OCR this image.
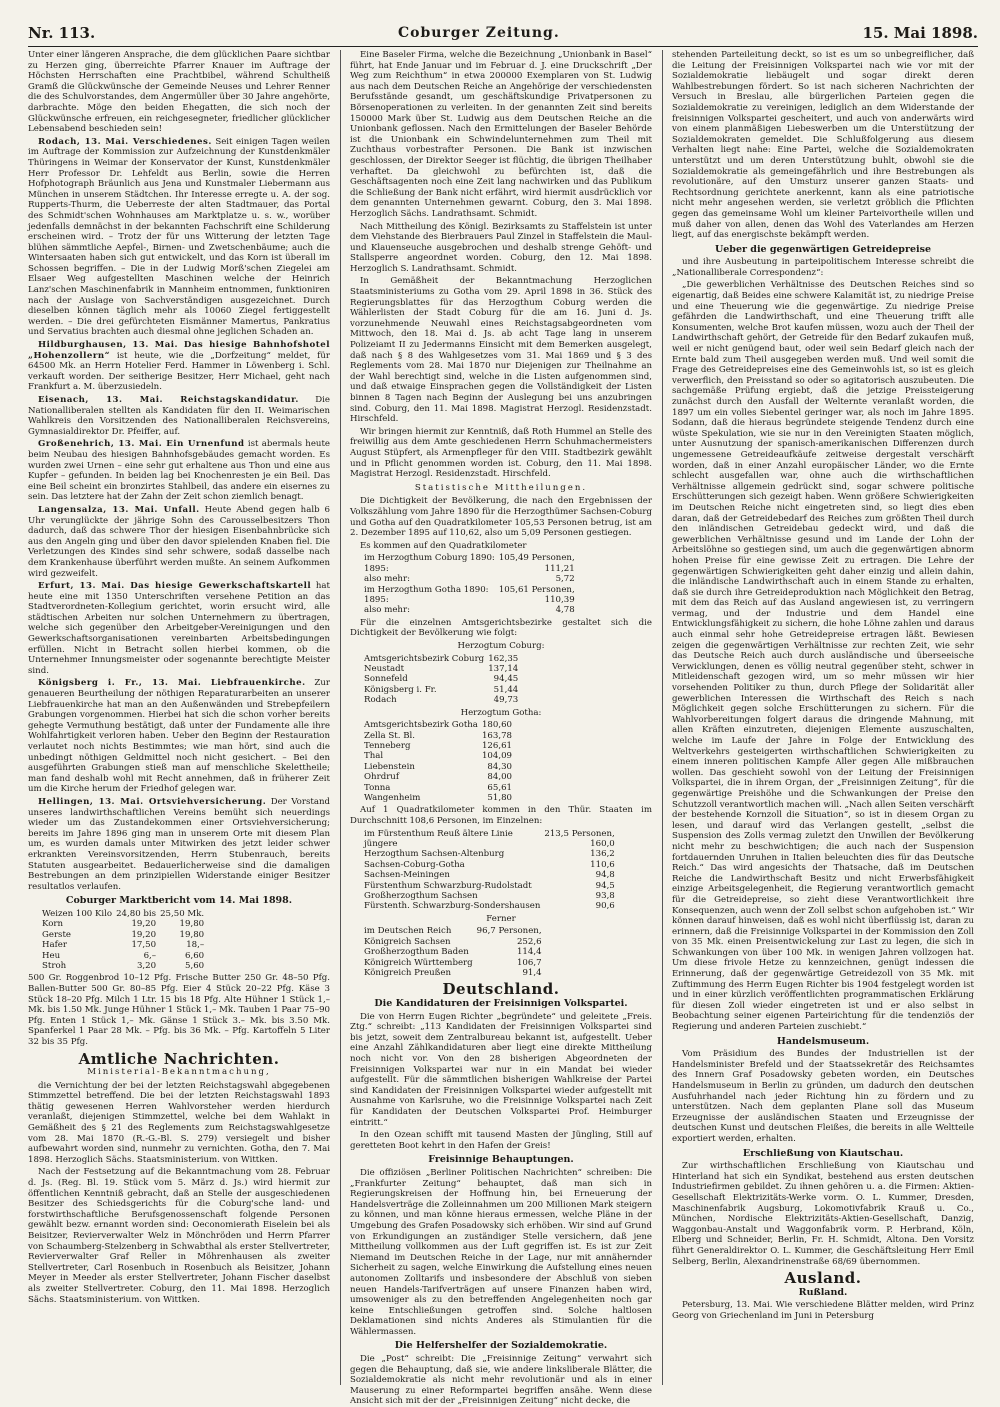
Nr. 113.	Coburger Zeitung.	15. Mai 1898.

Unter einer längeren Ansprache, die dem glücklichen Paare sichtbar zu Herzen ging, überreichte Pfarrer Knauer im Auftrage der Höchsten Herrschaften eine Prachtbibel, während Schultheiß Gramß die Glückwünsche der Gemeinde Neuses und Lehrer Renner die des Schulvorstandes, dem Angermüller über 30 Jahre angehörte, darbrachte. Möge den beiden Ehegatten, die sich noch der Glückwünsche erfreuen, ein reichgesegneter, friedlicher glücklicher Lebensabend beschieden sein!

Rodach, 13. Mai. Verschiedenes. Seit einigen Tagen weilen im Auftrage der Kommission zur Aufzeichnung der Kunstdenkmäler Thüringens in Weimar der Konservator der Kunst, Kunstdenkmäler Herr Professor Dr. Lehfeldt aus Berlin, sowie die Herren Hofphotograph Bräunlich aus Jena und Kunstmaler Liebermann aus München in unserem Städtchen. Ihr Interesse erregte u. A. der sog. Rupperts-Thurm, die Ueberreste der alten Stadtmauer, das Portal des Schmidt'schen Wohnhauses am Marktplatze u. s. w., worüber jedenfalls demnächst in der bekannten Fachschrift eine Schilderung erscheinen wird. – Trotz der für uns Witterung der letzten Tage blühen sämmtliche Aepfel-, Birnen- und Zwetschenbäume; auch die Wintersaaten haben sich gut entwickelt, und das Korn ist überall im Schossen begriffen. – Die in der Ludwig Morß'schen Ziegelei am Elsaer Weg aufgestellten Maschinen welche der Heinrich Lanz'schen Maschinenfabrik in Mannheim entnommen, funktioniren nach der Auslage von Sachverständigen ausgezeichnet. Durch dieselben können täglich mehr als 10060 Ziegel fertiggestellt werden. – Die drei gefürchteten Eismänner Mamertus, Pankratius und Servatius brachten auch diesmal ohne jeglichen Schaden an.

Hildburghausen, 13. Mai. Das hiesige Bahnhofshotel „Hohenzollern“ ist heute, wie die „Dorfzeitung“ meldet, für 64500 Mk. an Herrn Hotelier Ferd. Hammer in Löwenberg i. Schl. verkauft worden. Der seitherige Besitzer, Herr Michael, geht nach Frankfurt a. M. überzusiedeln.

Eisenach, 13. Mai. Reichstagskandidatur. Die Nationalliberalen stellten als Kandidaten für den II. Weimarischen Wahlkreis den Vorsitzenden des Nationalliberalen Reichsvereins, Gymnasialdirektor Dr. Pfeiffer, auf.

Großenehrich, 13. Mai. Ein Urnenfund ist abermals heute beim Neubau des hiesigen Bahnhofsgebäudes gemacht worden. Es wurden zwei Urnen – eine sehr gut erhaltene aus Thon und eine aus Kupfer – gefunden. In beiden lag bei Knochenresten je ein Beil. Das eine Beil scheint ein bronzirtes Stahlbeil, das andere ein eisernes zu sein. Das letztere hat der Zahn der Zeit schon ziemlich benagt.

Langensalza, 13. Mai. Unfall. Heute Abend gegen halb 6 Uhr verunglückte der jährige Sohn des Carousselbesitzers Thon dadurch, daß das schwere Thor der hiesigen Eisenbahnbrücke sich aus den Angeln ging und über den davor spielenden Knaben fiel. Die Verletzungen des Kindes sind sehr schwere, sodaß dasselbe nach dem Krankenhause überführt werden mußte. An seinem Aufkommen wird gezweifelt.

Erfurt, 13. Mai. Das hiesige Gewerkschaftskartell hat heute eine mit 1350 Unterschriften versehene Petition an das Stadtverordneten-Kollegium gerichtet, worin ersucht wird, alle städtischen Arbeiten nur solchen Unternehmern zu übertragen, welche sich gegenüber den Arbeitgeber-Vereinigungen und den Gewerkschaftsorganisationen vereinbarten Arbeitsbedingungen erfüllen. Nicht in Betracht sollen hierbei kommen, ob die Unternehmer Innungsmeister oder sogenannte berechtigte Meister sind.

Königsberg i. Fr., 13. Mai. Liebfrauenkirche. Zur genaueren Beurtheilung der nöthigen Reparaturarbeiten an unserer Liebfrauenkirche hat man an den Außenwänden und Strebepfeilern Grabungen vorgenommen. Hierbei hat sich die schon vorher bereits gehegte Vermuthung bestätigt, daß unter der Fundamente alle ihre Wohlfahrtigkeit verloren haben. Ueber den Beginn der Restauration verlautet noch nichts Bestimmtes; wie man hört, sind auch die unbedingt nöthigen Geldmittel noch nicht gesichert. – Bei den ausgeführten Grabungen stieß man auf menschliche Skelettheile; man fand deshalb wohl mit Recht annehmen, daß in früherer Zeit um die Kirche herum der Friedhof gelegen war.

Hellingen, 13. Mai. Ortsviehversicherung. Der Vorstand unseres landwirthschaftlichen Vereins bemüht sich neuerdings wieder um das Zustandekommen einer Ortsviehversicherung; bereits im Jahre 1896 ging man in unserem Orte mit diesem Plan um, es wurden damals unter Mitwirken des jetzt leider schwer erkrankten Vereinsvorsitzenden, Herrn Stubenrauch, bereits Statuten ausgearbeitet. Bedauerlicherweise sind die damaligen Bestrebungen an dem prinzipiellen Widerstande einiger Besitzer resultatlos verlaufen.

Coburger Marktbericht vom 14. Mai 1898.
Weizen 100 Kilo	24,80 bis	25,50 Mk.
Korn	19,20	19,80
Gerste	19,20	19,80
Hafer	17,50	18,–
Heu	6,–	6,60
Stroh	3,20	5,60

500 Gr. Roggenbrod 10–12 Pfg. Frische Butter 250 Gr. 48–50 Pfg. Ballen-Butter 500 Gr. 80–85 Pfg. Eier 4 Stück 20–22 Pfg. Käse 3 Stück 18–20 Pfg. Milch 1 Ltr. 15 bis 18 Pfg. Alte Hühner 1 Stück 1,– Mk. bis 1.50 Mk. Junge Hühner 1 Stück 1,– Mk. Tauben 1 Paar 75–90 Pfg. Enten 1 Stück 1,– Mk. Gänse 1 Stück 3.– Mk. bis 3.50 Mk. Spanferkel 1 Paar 28 Mk. – Pfg. bis 36 Mk. – Pfg. Kartoffeln 5 Liter 32 bis 35 Pfg.

Amtliche Nachrichten.
Ministerial-Bekanntmachung,

die Vernichtung der bei der letzten Reichstagswahl abgegebenen Stimmzettel betreffend. Die bei der letzten Reichstagswahl 1893 thätig gewesenen Herren Wahlvorsteher werden hierdurch veranlaßt, diejenigen Stimmzettel, welche bei dem Wahlakt in Gemäßheit des § 21 des Reglements zum Reichstagswahlgesetze vom 28. Mai 1870 (R.-G.-Bl. S. 279) versiegelt und bisher aufbewahrt worden sind, nunmehr zu vernichten. Gotha, den 7. Mai 1898. Herzoglich Sächs. Staatsministerium. von Wittken.

Nach der Festsetzung auf die Bekanntmachung vom 28. Februar d. Js. (Reg. Bl. 19. Stück vom 5. März d. Js.) wird hiermit zur öffentlichen Kenntniß gebracht, daß an Stelle der ausgeschiedenen Besitzer des Schiedsgerichts für die Coburg'sche land- und forstwirthschaftliche Berufsgenossenschaft folgende Personen gewählt bezw. ernannt worden sind: Oeconomierath Eiselein bei als Beisitzer, Revierverwalter Welz in Mönchröden und Herrn Pfarrer von Schaumberg-Stelzenberg in Schwabthal als erster Stellvertreter, Revierverwalter Graf Reller in Möhrenhausen als zweiter Stellvertreter, Carl Rosenbuch in Rosenbuch als Beisitzer, Johann Meyer in Meeder als erster Stellvertreter, Johann Fischer daselbst als zweiter Stellvertreter. Coburg, den 11. Mai 1898. Herzoglich Sächs. Staatsministerium. von Wittken.

Eine Baseler Firma, welche die Bezeichnung „Unionbank in Basel“ führt, hat Ende Januar und im Februar d. J. eine Druckschrift „Der Weg zum Reichthum“ in etwa 200000 Exemplaren von St. Ludwig aus nach dem Deutschen Reiche an Angehörige der verschiedensten Berufsstände gesandt, um geschäftskundige Privatpersonen zu Börsenoperationen zu verleiten. In der genannten Zeit sind bereits 150000 Mark über St. Ludwig aus dem Deutschen Reiche an die Unionbank geflossen. Nach den Ermittelungen der Baseler Behörde ist die Unionbank ein Schwindelunternehmen zum Theil mit Zuchthaus vorbestrafter Personen. Die Bank ist inzwischen geschlossen, der Direktor Seeger ist flüchtig, die übrigen Theilhaber verhaftet. Da gleichwohl zu befürchten ist, daß die Geschäftsagenten noch eine Zeit lang nachwirken und das Publikum die Schließung der Bank nicht erfährt, wird hiermit ausdrücklich vor dem genannten Unternehmen gewarnt. Coburg, den 3. Mai 1898. Herzoglich Sächs. Landrathsamt. Schmidt.

Nach Mittheilung des Königl. Bezirksamts zu Staffelstein ist unter dem Viehstande des Bierbrauers Paul Zinzel in Staffelstein die Maul- und Klauenseuche ausgebrochen und deshalb strenge Gehöft- und Stallsperre angeordnet worden. Coburg, den 12. Mai 1898. Herzoglich S. Landrathsamt. Schmidt.

In Gemäßheit der Bekanntmachung Herzoglichen Staatsministeriums zu Gotha vom 29. April 1898 in 36. Stück des Regierungsblattes für das Herzogthum Coburg werden die Wählerlisten der Stadt Coburg für die am 16. Juni d. Js. vorzunehmende Neuwahl eines Reichstagsabgeordneten vom Mittwoch, den 18. Mai d. Js. ab acht Tage lang in unserem Polizeiamt II zu Jedermanns Einsicht mit dem Bemerken ausgelegt, daß nach § 8 des Wahlgesetzes vom 31. Mai 1869 und § 3 des Reglements vom 28. Mai 1870 nur Diejenigen zur Theilnahme an der Wahl berechtigt sind, welche in die Listen aufgenommen sind, und daß etwaige Einsprachen gegen die Vollständigkeit der Listen binnen 8 Tagen nach Beginn der Auslegung bei uns anzubringen sind. Coburg, den 11. Mai 1898. Magistrat Herzogl. Residenzstadt. Hirschfeld.

Wir bringen hiermit zur Kenntniß, daß Roth Hummel an Stelle des freiwillig aus dem Amte geschiedenen Herrn Schuhmachermeisters August Stüpfert, als Armenpfleger für den VIII. Stadtbezirk gewählt und in Pflicht genommen worden ist. Coburg, den 11. Mai 1898. Magistrat Herzogl. Residenzstadt. Hirschfeld.

Statistische Mittheilungen.

Die Dichtigkeit der Bevölkerung, die nach den Ergebnissen der Volkszählung vom Jahre 1890 für die Herzogthümer Sachsen-Coburg und Gotha auf den Quadratkilometer 105,53 Personen betrug, ist am 2. Dezember 1895 auf 110,62, also um 5,09 Personen gestiegen.

Es kommen auf den Quadratkilometer

im Herzogthum Coburg 1890:	105,49 Personen,
1895:	111,21
also mehr:	5,72
im Herzogthum Gotha 1890:	105,61 Personen,
1895:	110,39
also mehr:	4,78

Für die einzelnen Amtsgerichtsbezirke gestaltet sich die Dichtigkeit der Bevölkerung wie folgt:

Herzogtum Coburg:
Amtsgerichtsbezirk Coburg	162,35
Neustadt	137,14
Sonnefeld	94,45
Königsberg i. Fr.	51,44
Rodach	49,73
Herzogtum Gotha:
Amtsgerichtsbezirk Gotha	180,60
Zella St. Bl.	163,78
Tenneberg	126,61
Thal	104,09
Liebenstein	84,30
Ohrdruf	84,00
Tonna	65,61
Wangenheim	51,80

Auf 1 Quadratkilometer kommen in den Thür. Staaten im Durchschnitt 108,6 Personen, im Einzelnen:

im Fürstenthum Reuß ältere Linie	213,5 Personen,
jüngere	160,0
Herzogthum Sachsen-Altenburg	136,2
Sachsen-Coburg-Gotha	110,6
Sachsen-Meiningen	94,8
Fürstenthum Schwarzburg-Rudolstadt	94,5
Großherzogthum Sachsen	93,8
Fürstenth. Schwarzburg-Sondershausen	90,6
Ferner
im Deutschen Reich	96,7 Personen,
Königreich Sachsen	252,6
Großherzogthum Baden	114,4
Königreich Württemberg	106,7
Königreich Preußen	91,4
Deutschland.
Die Kandidaturen der Freisinnigen Volkspartei.

Die von Herrn Eugen Richter „begründete“ und geleitete „Freis. Ztg.“ schreibt: „113 Kandidaten der Freisinnigen Volkspartei sind bis jetzt, soweit dem Zentralbureau bekannt ist, aufgestellt. Ueber eine Anzahl Zählkandidaturen aber liegt eine direkte Mittheilung noch nicht vor. Von den 28 bisherigen Abgeordneten der Freisinnigen Volkspartei war nur in ein Mandat bei wieder aufgestellt. Für die sämmtlichen bisherigen Wahlkreise der Partei sind Kandidaten der Freisinnigen Volkspartei wieder aufgestellt mit Ausnahme von Karlsruhe, wo die Freisinnige Volkspartei nach Zeit für Kandidaten der Deutschen Volkspartei Prof. Heimburger eintritt.“

In den Ozean schifft mit tausend Masten der Jüngling, Still auf geretteten Boot kehrt in den Hafen der Greis!

Freisinnige Behauptungen.

Die offiziösen „Berliner Politischen Nachrichten“ schreiben: Die „Frankfurter Zeitung“ behauptet, daß man sich in Regierungskreisen der Hoffnung hin, bei Erneuerung der Handelsverträge die Zolleinnahmen um 200 Millionen Mark steigern zu können, und man könne hieraus ermessen, welche Pläne in der Umgebung des Grafen Posadowsky sich erhöben. Wir sind auf Grund von Erkundigungen an zuständiger Stelle versichern, daß jene Mittheilung vollkommen aus der Luft gegriffen ist. Es ist zur Zeit Niemand im Deutschen Reiche in der Lage, nur mit annähernder Sicherheit zu sagen, welche Einwirkung die Aufstellung eines neuen autonomen Zolltarifs und insbesondere der Abschluß von sieben neuen Handels-Tarifverträgen auf unsere Finanzen haben wird, umsoweniger als zu den betreffenden Angelegenheiten noch gar keine Entschließungen getroffen sind. Solche haltlosen Deklamationen sind nichts Anderes als Stimulantien für die Wählermassen.

Die Helfershelfer der Sozialdemokratie.

Die „Post“ schreibt: Die „Freisinnige Zeitung“ verwahrt sich gegen die Behauptung, daß sie, wie andere linksliberale Blätter, die Sozialdemokratie als nicht mehr revolutionär und als in einer Mauserung zu einer Reformpartei begriffen ansähe. Wenn diese Ansicht sich mit der der „Freisinnigen Zeitung“ nicht decke, die

stehenden Parteileitung deckt, so ist es um so unbegreiflicher, daß die Leitung der Freisinnigen Volkspartei nach wie vor mit der Sozialdemokratie liebäugelt und sogar direkt deren Wahlbestrebungen fördert. So ist nach sicheren Nachrichten der Versuch in Breslau, alle bürgerlichen Parteien gegen die Sozialdemokratie zu vereinigen, lediglich an dem Widerstande der freisinnigen Volkspartei gescheitert, und auch von anderwärts wird von einem planmäßigen Liebeswerben um die Unterstützung der Sozialdemokraten gemeldet. Die Schlußfolgerung aus diesem Verhalten liegt nahe: Eine Partei, welche die Sozialdemokraten unterstützt und um deren Unterstützung buhlt, obwohl sie die Sozialdemokratie als gemeingefährlich und ihre Bestrebungen als revolutionäre, auf den Umsturz unserer ganzen Staats- und Rechtsordnung gerichtete anerkennt, kann als eine patriotische nicht mehr angesehen werden, sie verletzt gröblich die Pflichten gegen das gemeinsame Wohl um kleiner Parteivortheile willen und muß daher von allen, denen das Wohl des Vaterlandes am Herzen liegt, auf das energischste bekämpft werden.

Ueber die gegenwärtigen Getreidepreise

und ihre Ausbeutung in parteipolitischem Interesse schreibt die „Nationalliberale Correspondenz“:

„Die gewerblichen Verhältnisse des Deutschen Reiches sind so eigenartig, daß Beides eine schwere Kalamität ist, zu niedrige Preise und eine Theuerung wie die gegenwärtige. Zu niedrige Preise gefährden die Landwirthschaft, und eine Theuerung trifft alle Konsumenten, welche Brot kaufen müssen, wozu auch der Theil der Landwirthschaft gehört, der Getreide für den Bedarf zukaufen muß, weil er nicht genügend baut, oder weil sein Bedarf gleich nach der Ernte bald zum Theil ausgegeben werden muß. Und weil somit die Frage des Getreidepreises eine des Gemeinwohls ist, so ist es gleich verwerflich, den Preisstand so oder so agitatorisch auszubeuten. Die sachgemäße Prüfung ergiebt, daß die jetzige Preissteigerung zunächst durch den Ausfall der Welternte veranlaßt worden, die 1897 um ein volles Siebentel geringer war, als noch im Jahre 1895. Sodann, daß die hieraus begründete steigende Tendenz durch eine wüste Spekulation, wie sie nur in den Vereinigten Staaten möglich, unter Ausnutzung der spanisch-amerikanischen Differenzen durch ungemessene Getreideaufkäufe zeitweise dergestalt verschärft worden, daß in einer Anzahl europäischer Länder, wo die Ernte schlecht ausgefallen war, ohne auch die wirthschaftlichen Verhältnisse allgemein gedrückt sind, sogar schwere politische Erschütterungen sich gezeigt haben. Wenn größere Schwierigkeiten im Deutschen Reiche nicht eingetreten sind, so liegt dies eben daran, daß der Getreidebedarf des Reiches zum größten Theil durch den inländischen Getreidebau gedeckt wird, und daß die gewerblichen Verhältnisse gesund und im Lande der Lohn der Arbeitslöhne so gestiegen sind, um auch die gegenwärtigen abnorm hohen Preise für eine gewisse Zeit zu ertragen. Die Lehre der gegenwärtigen Schwierigkeiten geht daher einzig und allein dahin, die inländische Landwirthschaft auch in einem Stande zu erhalten, daß sie durch ihre Getreideproduktion nach Möglichkeit den Betrag, mit dem das Reich auf das Ausland angewiesen ist, zu verringern vermag, und der Industrie und dem Handel eine Entwicklungsfähigkeit zu sichern, die hohe Löhne zahlen und daraus auch einmal sehr hohe Getreidepreise ertragen läßt. Bewiesen zeigen die gegenwärtigen Verhältnisse zur rechten Zeit, wie sehr das Deutsche Reich auch durch ausländische und überseeische Verwicklungen, denen es völlig neutral gegenüber steht, schwer in Mitleidenschaft gezogen wird, um so mehr müssen wir hier vorsehenden Politiker zu thun, durch Pflege der Solidarität aller gewerblichen Interessen die Wirthschaft des Reich s nach Möglichkeit gegen solche Erschütterungen zu sichern. Für die Wahlvorbereitungen folgert daraus die dringende Mahnung, mit allen Kräften einzutreten, diejenigen Elemente auszuschalten, welche im Laufe der Jahre in Folge der Entwicklung des Weltverkehrs gesteigerten wirthschaftlichen Schwierigkeiten zu einem inneren politischen Kampfe Aller gegen Alle mißbrauchen wollen. Das geschieht sowohl von der Leitung der Freisinnigen Volkspartei, die in ihrem Organ, der „Freisinnigen Zeitung“, für die gegenwärtige Preishöhe und die Schwankungen der Preise den Schutzzoll verantwortlich machen will. „Nach allen Seiten verschärft der bestehende Kornzoll die Situation“, so ist in diesem Organ zu lesen, und darauf wird das Verlangen gestellt, „selbst die Suspension des Zolls vermag zuletzt den Unwillen der Bevölkerung nicht mehr zu beschwichtigen; die auch nach der Suspension fortdauernden Unruhen in Italien beleuchten dies für das Deutsche Reich.“ Das wird angesichts der Thatsache, daß im Deutschen Reiche die Landwirthschaft Besitz und nicht Erwerbsfähigkeit einzige Arbeitsgelegenheit, die Regierung verantwortlich gemacht für die Getreidepreise, so zieht diese Verantwortlichkeit ihre Konsequenzen, auch wenn der Zoll selbst schon aufgehoben ist.“ Wir können darauf hinweisen, daß es wohl nicht überflüssig ist, daran zu erinnern, daß die Freisinnige Volkspartei in der Kommission den Zoll von 35 Mk. einen Preisentwickelung zur Last zu legen, die sich in Schwankungen von über 100 Mk. in wenigen Jahren vollzogen hat. Um diese frivole Hetze zu kennzeichnen, genügt indessen die Erinnerung, daß der gegenwärtige Getreidezoll von 35 Mk. mit Zuftimmung des Herrn Eugen Richter bis 1904 festgelegt worden ist und in einer kürzlich veröffentlichten programmatischen Erklärung für diesen Zoll wieder eingetreten ist und er also selbst in Beobachtung seiner eigenen Parteirichtung für die tendenziös der Regierung und anderen Parteien zuschiebt.“

Handelsmuseum.

Vom Präsidium des Bundes der Industriellen ist der Handelsminister Brefeld und der Staatssekretär des Reichsamtes des Innern Graf Posadowsky gebeten worden, ein Deutsches Handelsmuseum in Berlin zu gründen, um dadurch den deutschen Ausfuhrhandel nach jeder Richtung hin zu fördern und zu unterstützen. Nach dem geplanten Plane soll das Museum Erzeugnisse der ausländischen Staaten und Erzeugnisse der deutschen Kunst und deutschen Fleißes, die bereits in alle Weltteile exportiert werden, erhalten.

Erschließung von Kiautschau.

Zur wirthschaftlichen Erschließung von Kiautschau und Hinterland hat sich ein Syndikat, bestehend aus ersten deutschen Industriefirmen gebildet. Zu ihnen gehören u. a. die Firmen: Aktien-Gesellschaft Elektrizitäts-Werke vorm. O. L. Kummer, Dresden, Maschinenfabrik Augsburg, Lokomotivfabrik Krauß u. Co., München, Nordische Elektrizitäts-Aktien-Gesellschaft, Danzig, Waggonbau-Anstalt und Waggonfabrik vorm. P. Herbrand, Köln, Elberg und Schneider, Berlin, Fr. H. Schmidt, Altona. Den Vorsitz führt Generaldirektor O. L. Kummer, die Geschäftsleitung Herr Emil Selberg, Berlin, Alexandrinenstraße 68/69 übernommen.

Ausland.
Rußland.

Petersburg, 13. Mai. Wie verschiedene Blätter melden, wird Prinz Georg von Griechenland im Juni in Petersburg
